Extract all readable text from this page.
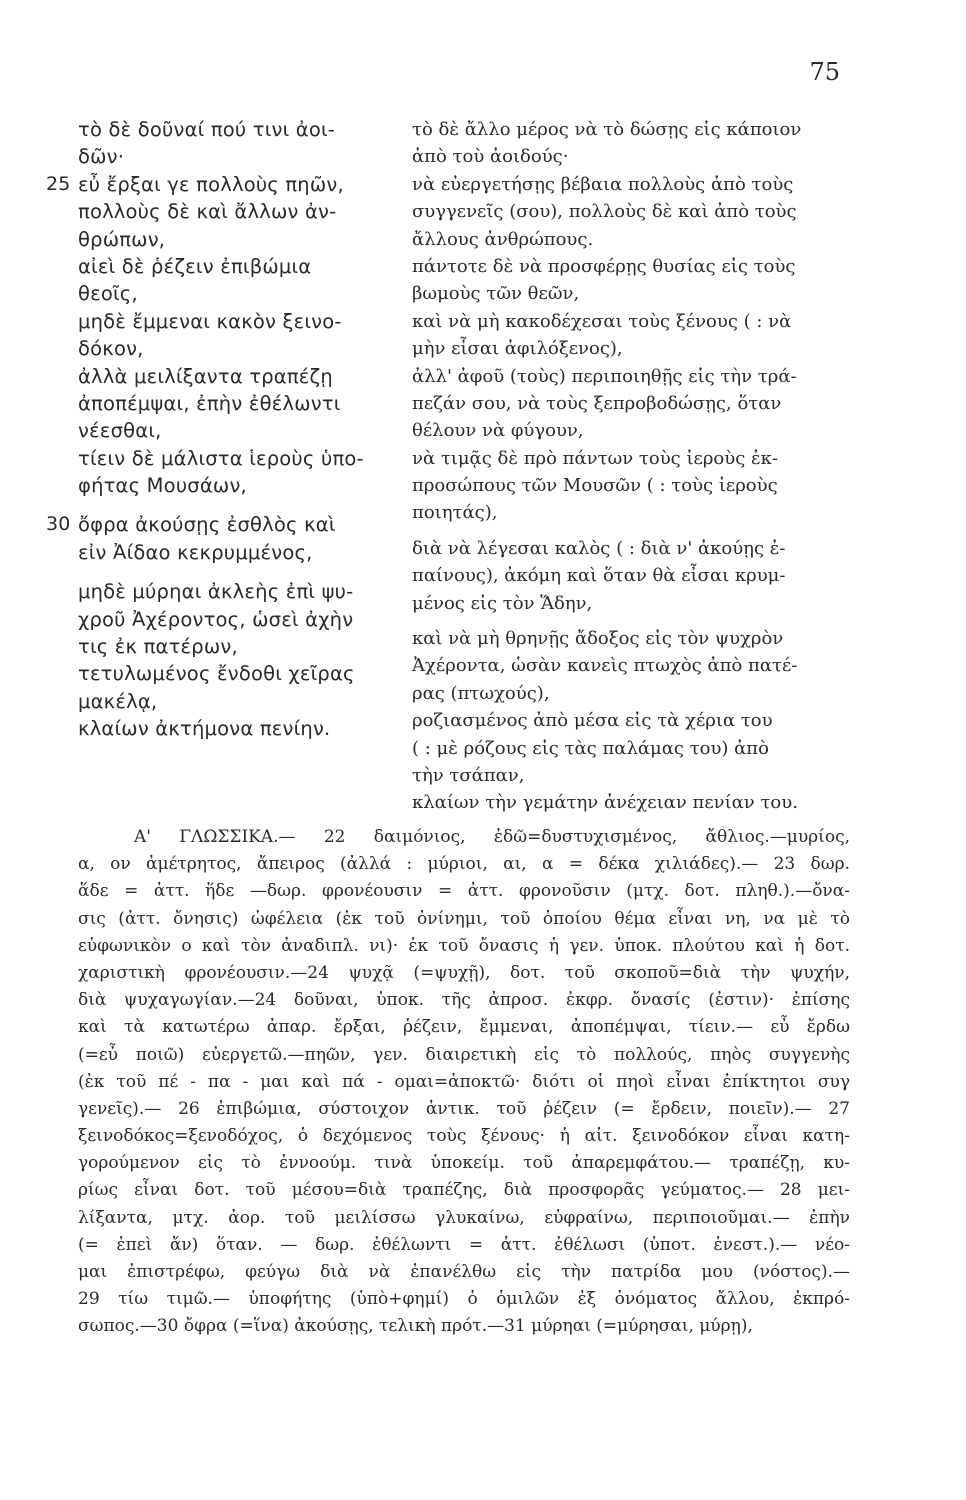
75
τὸ δὲ δοῦναί πού τινι ἀοι-
δῶν·
25 εὖ ἔρξαι γε πολλοὺς πηῶν,
πολλοὺς δὲ καὶ ἄλλων ἀν-
θρώπων,
αἰεὶ δὲ ῥέζειν ἐπιβώμια
θεοῖς,
μηδὲ ἔμμεναι κακὸν ξεινο-
δόκον,
ἀλλὰ μειλίξαντα τραπέζῃ
ἀποπέμψαι, ἐπὴν ἐθέλωντι
νέεσθαι,
τίειν δὲ μάλιστα ἱεροὺς ὑπο-
φήτας Μουσάων,
30 ὄφρα ἀκούσῃς ἐσθλὸς καὶ
εἰν Ἀίδαο κεκρυμμένος,
μηδὲ μύρηαι ἀκλεὴς ἐπὶ ψυ-
χροῦ Ἀχέροντος, ὡσεὶ ἀχὴν
τις ἐκ πατέρων,
τετυλωμένος ἔνδοθι χεῖρας
μακέλᾳ,
κλαίων ἀκτήμονα πενίην.
τὸ δὲ ἄλλο μέρος νὰ τὸ δώσῃς εἰς κάποιον
ἀπὸ τοὺ ἀοιδούς·
νὰ εὐεργετήσῃς βέβαια πολλοὺς ἀπὸ τοὺς
συγγενεῖς (σου), πολλοὺς δὲ καὶ ἀπὸ τοὺς
ἄλλους ἀνθρώπους.
πάντοτε δὲ νὰ προσφέρῃς θυσίας εἰς τοὺς
βωμοὺς τῶν θεῶν,
καὶ νὰ μὴ κακοδέχεσαι τοὺς ξένους ( : νὰ
μὴν εἶσαι ἀφιλόξενος),
ἀλλ' ἀφοῦ (τοὺς) περιποιηθῇς εἰς τὴν τρά-
πεζάν σου, νὰ τοὺς ξεπροβοδώσῃς, ὅταν
θέλουν νὰ φύγουν,
νὰ τιμᾷς δὲ πρὸ πάντων τοὺς ἱεροὺς ἐκ-
προσώπους τῶν Μουσῶν ( : τοὺς ἱεροὺς
ποιητάς),
διὰ νὰ λέγεσαι καλὸς ( : διὰ ν' ἀκούῃς ἐ-
παίνους), ἀκόμη καὶ ὅταν θὰ εἶσαι κρυμ-
μένος εἰς τὸν Ἅδην,
καὶ νὰ μὴ θρηνῇς ἄδοξος εἰς τὸν ψυχρὸν
Ἀχέροντα, ὡσὰν κανεὶς πτωχὸς ἀπὸ πατέ-
ρας (πτωχούς),
ροζιασμένος ἀπὸ μέσα εἰς τὰ χέρια του
( : μὲ ρόζους εἰς τὰς παλάμας του) ἀπὸ
τὴν τσάπαν,
κλαίων τὴν γεμάτην ἀνέχειαν πενίαν του.
Α' ΓΛΩΣΣΙΚΑ.— 22 δαιμόνιος, ἐδῶ=δυστυχισμένος, ἄθλιος.—μυρίος,
α, ον ἀμέτρητος, ἄπειρος (ἀλλά : μύριοι, αι, α = δέκα χιλιάδες).— 23 δωρ.
ἅδε = ἀττ. ἥδε —δωρ. φρονέουσιν = ἀττ. φρονοῦσιν (μτχ. δοτ. πληθ.).—ὄνα-
σις (ἀττ. ὄνησις) ὠφέλεια (ἐκ τοῦ ὀνίνημι, τοῦ ὁποίου θέμα εἶναι νη, να μὲ τὸ
εὐφωνικὸν ο καὶ τὸν ἀναδιπλ. νι)· ἐκ τοῦ ὄνασις ἡ γεν. ὑποκ. πλούτου καὶ ἡ δοτ.
χαριστικὴ φρονέουσιν.—24 ψυχᾷ (=ψυχῇ), δοτ. τοῦ σκοποῦ=διὰ τὴν ψυχήν,
διὰ ψυχαγωγίαν.—24 δοῦναι, ὑποκ. τῆς ἀπροσ. ἐκφρ. ὄνασίς (ἐστιν)· ἐπίσης
καὶ τὰ κατωτέρω ἀπαρ. ἔρξαι, ῥέζειν, ἔμμεναι, ἀποπέμψαι, τίειν.— εὖ ἔρδω
(=εὖ ποιῶ) εὐεργετῶ.—πηῶν, γεν. διαιρετικὴ εἰς τὸ πολλούς, πηὸς συγγενὴς
(ἐκ τοῦ πέ - πα - μαι καὶ πά - ομαι=ἀποκτῶ· διότι οἱ πηοὶ εἶναι ἐπίκτητοι συγ
γενεῖς).— 26 ἐπιβώμια, σύστοιχον ἀντικ. τοῦ ῥέζειν (= ἔρδειν, ποιεῖν).— 27
ξεινοδόκος=ξενοδόχος, ὁ δεχόμενος τοὺς ξένους· ἡ αἰτ. ξεινοδόκον εἶναι κατη-
γορούμενον εἰς τὸ ἐννοούμ. τινὰ ὑποκείμ. τοῦ ἀπαρεμφάτου.— τραπέζῃ, κυ-
ρίως εἶναι δοτ. τοῦ μέσου=διὰ τραπέζης, διὰ προσφορᾶς γεύματος.— 28 μει-
λίξαντα, μτχ. ἀορ. τοῦ μειλίσσω γλυκαίνω, εὐφραίνω, περιποιοῦμαι.— ἐπὴν
(= ἐπεὶ ἄν) ὅταν. — δωρ. ἐθέλωντι = ἀττ. ἐθέλωσι (ὑποτ. ἐνεστ.).— νέο-
μαι ἐπιστρέφω, φεύγω διὰ νὰ ἐπανέλθω εἰς τὴν πατρίδα μου (νόστος).—
29 τίω τιμῶ.— ὑποφήτης (ὑπὸ+φημί) ὁ ὁμιλῶν ἐξ ὀνόματος ἄλλου, ἐκπρό-
σωπος.—30 ὄφρα (=ἵνα) ἀκούσῃς, τελικὴ πρότ.—31 μύρηαι (=μύρησαι, μύρῃ),
